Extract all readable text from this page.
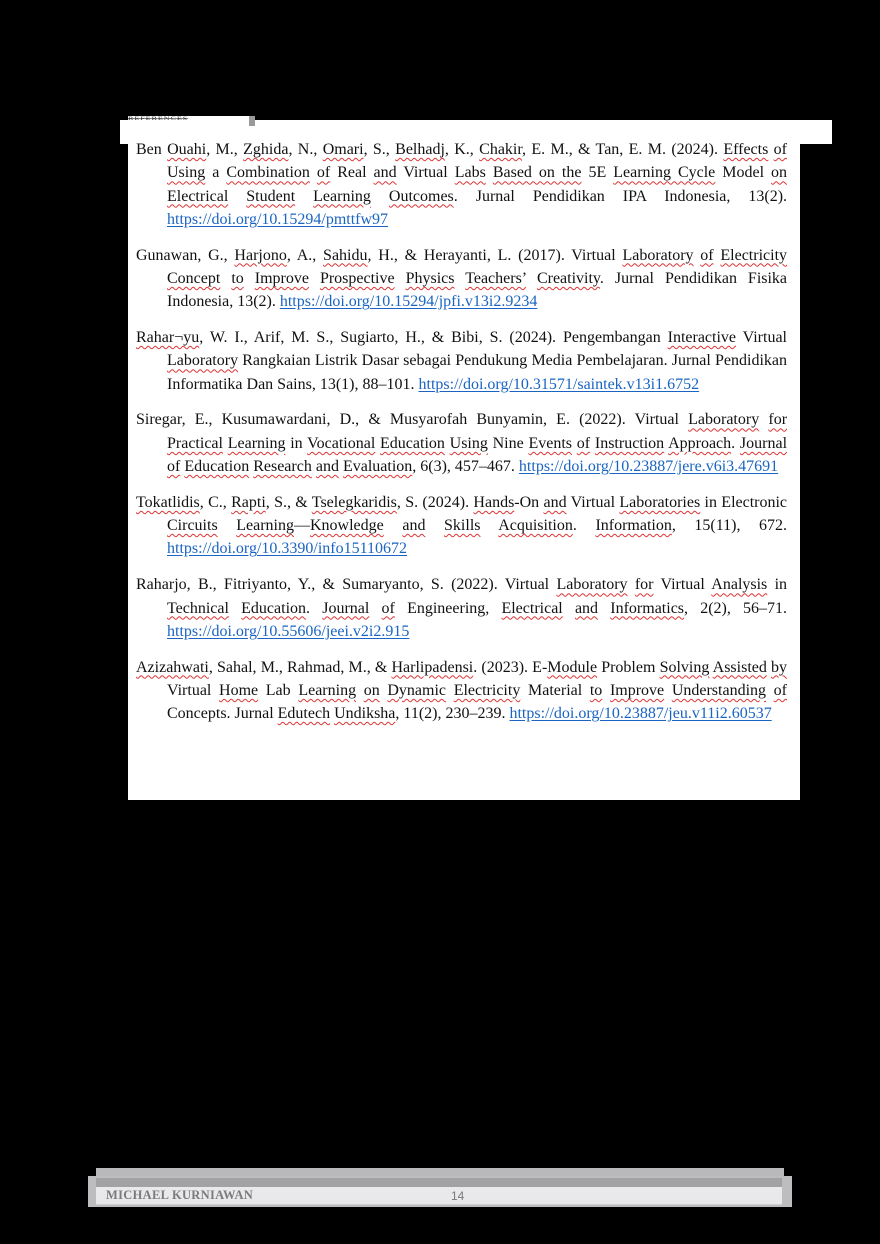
REFERENCES

Ben Ouahi, M., Zghida, N., Omari, S., Belhadj, K., Chakir, E. M., & Tan, E. M. (2024). Effects of Using a Combination of Real and Virtual Labs Based on the 5E Learning Cycle Model on Electrical Student Learning Outcomes. Jurnal Pendidikan IPA Indonesia, 13(2). https://doi.org/10.15294/pmttfw97

Gunawan, G., Harjono, A., Sahidu, H., & Herayanti, L. (2017). Virtual Laboratory of Electricity Concept to Improve Prospective Physics Teachers’ Creativity. Jurnal Pendidikan Fisika Indonesia, 13(2). https://doi.org/10.15294/jpfi.v13i2.9234

Rahar¬yu, W. I., Arif, M. S., Sugiarto, H., & Bibi, S. (2024). Pengembangan Interactive Virtual Laboratory Rangkaian Listrik Dasar sebagai Pendukung Media Pembelajaran. Jurnal Pendidikan Informatika Dan Sains, 13(1), 88–101. https://doi.org/10.31571/saintek.v13i1.6752

Siregar, E., Kusumawardani, D., & Musyarofah Bunyamin, E. (2022). Virtual Laboratory for Practical Learning in Vocational Education Using Nine Events of Instruction Approach. Journal of Education Research and Evaluation, 6(3), 457–467. https://doi.org/10.23887/jere.v6i3.47691

Tokatlidis, C., Rapti, S., & Tselegkaridis, S. (2024). Hands-On and Virtual Laboratories in Electronic Circuits Learning—Knowledge and Skills Acquisition. Information, 15(11), 672. https://doi.org/10.3390/info15110672

Raharjo, B., Fitriyanto, Y., & Sumaryanto, S. (2022). Virtual Laboratory for Virtual Analysis in Technical Education. Journal of Engineering, Electrical and Informatics, 2(2), 56–71. https://doi.org/10.55606/jeei.v2i2.915

Azizahwati, Sahal, M., Rahmad, M., & Harlipadensi. (2023). E-Module Problem Solving Assisted by Virtual Home Lab Learning on Dynamic Electricity Material to Improve Understanding of Concepts. Jurnal Edutech Undiksha, 11(2), 230–239. https://doi.org/10.23887/jeu.v11i2.60537

MICHAEL KURNIAWAN	14
